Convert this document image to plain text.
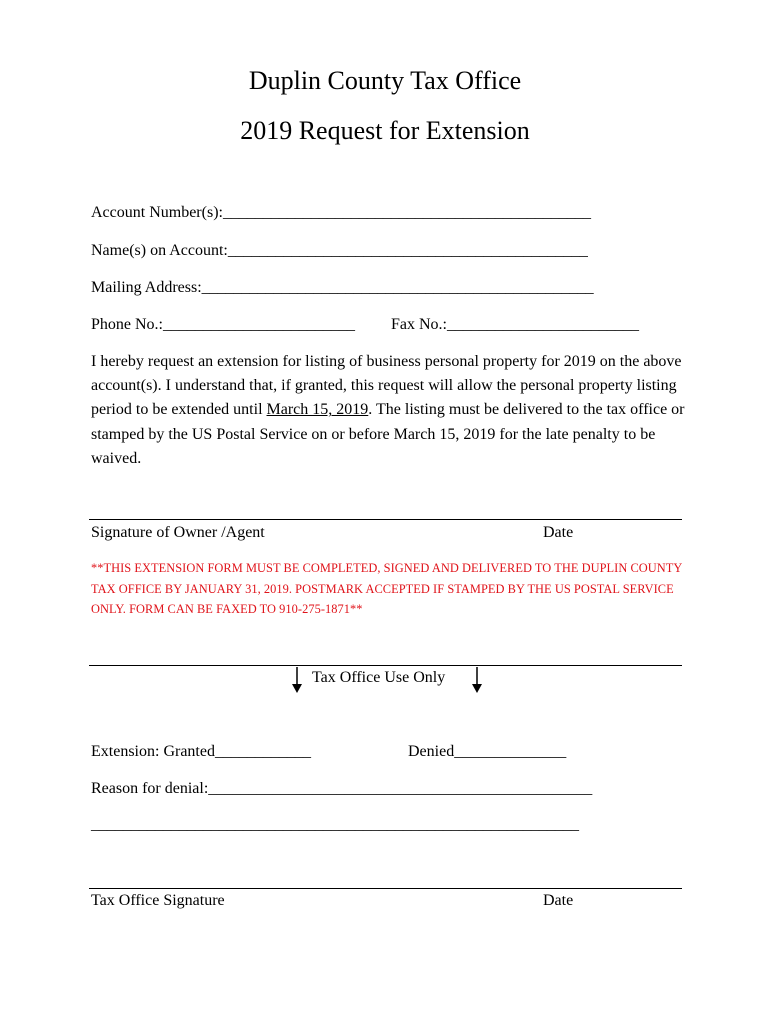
Duplin County Tax Office
2019 Request for Extension
Account Number(s):______________________________________________
Name(s) on Account:_____________________________________________
Mailing Address:_________________________________________________
Phone No.:________________________ Fax No.:________________________
I hereby request an extension for listing of business personal property for 2019 on the above account(s). I understand that, if granted, this request will allow the personal property listing period to be extended until March 15, 2019. The listing must be delivered to the tax office or stamped by the US Postal Service on or before March 15, 2019 for the late penalty to be waived.
Signature of Owner /Agent	Date
**THIS EXTENSION FORM MUST BE COMPLETED, SIGNED AND DELIVERED TO THE DUPLIN COUNTY TAX OFFICE BY JANUARY 31, 2019. POSTMARK ACCEPTED IF STAMPED BY THE US POSTAL SERVICE ONLY. FORM CAN BE FAXED TO 910-275-1871**
Tax Office Use Only
Extension: Granted____________	Denied______________
Reason for denial:________________________________________________
_____________________________________________________________
Tax Office Signature	Date
